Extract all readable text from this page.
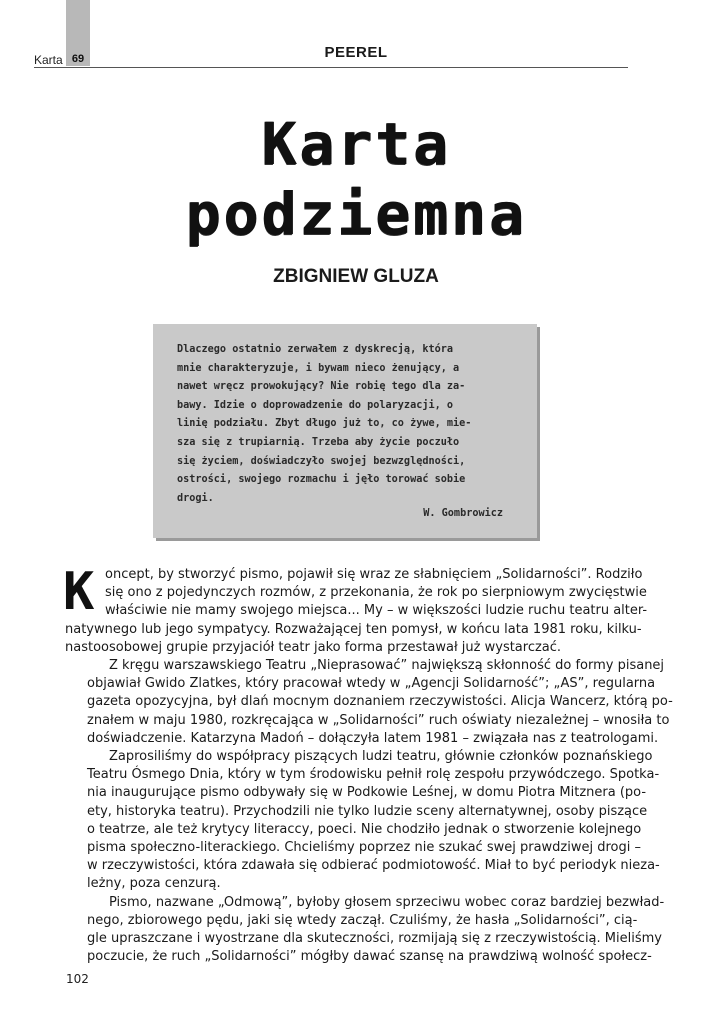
Karta 69	PEEREL
Karta
podziemna
ZBIGNIEW GLUZA
Dlaczego ostatnio zerwałem z dyskrecją, która
mnie charakteryzuje, i bywam nieco żenujący, a
nawet wręcz prowokujący? Nie robię tego dla za-
bawy. Idzie o doprowadzenie do polaryzacji, o
linię podziału. Zbyt długo już to, co żywe, mie-
sza się z trupiarnią. Trzeba aby życie poczuło
się życiem, doświadczyło swojej bezwzględności,
ostrości, swojego rozmachu i jęło torować sobie
drogi.
W. Gombrowicz
K oncept, by stworzyć pismo, pojawił się wraz ze słabnięciem „Solidarności”. Rodziło
się ono z pojedynczych rozmów, z przekonania, że rok po sierpniowym zwycięstwie
właściwie nie mamy swojego miejsca... My – w większości ludzie ruchu teatru alter-
natywnego lub jego sympatycy. Rozważającej ten pomysł, w końcu lata 1981 roku, kilku-
nastoosobowej grupie przyjaciół teatr jako forma przestawał już wystarczać.

Z kręgu warszawskiego Teatru „Nieprasować” największą skłonność do formy pisanej
objawiał Gwido Zlatkes, który pracował wtedy w „Agencji Solidarność”; „AS”, regularna
gazeta opozycyjna, był dlań mocnym doznaniem rzeczywistości. Alicja Wancerz, którą po-
znałem w maju 1980, rozkręcająca w „Solidarności” ruch oświaty niezależnej – wnosiła to
doświadczenie. Katarzyna Madoń – dołączyła latem 1981 – związała nas z teatrologami.

Zaprosiliśmy do współpracy piszących ludzi teatru, głównie członków poznańskiego
Teatru Ósmego Dnia, który w tym środowisku pełnił rolę zespołu przywódczego. Spotka-
nia inaugurujące pismo odbywały się w Podkowie Leśnej, w domu Piotra Mitznera (po-
ety, historyka teatru). Przychodzili nie tylko ludzie sceny alternatywnej, osoby piszące
o teatrze, ale też krytycy literaccy, poeci. Nie chodziło jednak o stworzenie kolejnego
pisma społeczno-literackiego. Chcieliśmy poprzez nie szukać swej prawdziwej drogi –
w rzeczywistości, która zdawała się odbierać podmiotowość. Miał to być periodyk nieza-
leżny, poza cenzurą.

Pismo, nazwane „Odmową”, byłoby głosem sprzeciwu wobec coraz bardziej bezwład-
nego, zbiorowego pędu, jaki się wtedy zaczął. Czuliśmy, że hasła „Solidarności”, cią-
gle upraszczane i wyostrzane dla skuteczności, rozmijają się z rzeczywistością. Mieliśmy
poczucie, że ruch „Solidarności” mógłby dawać szansę na prawdziwą wolność społecz-

102
